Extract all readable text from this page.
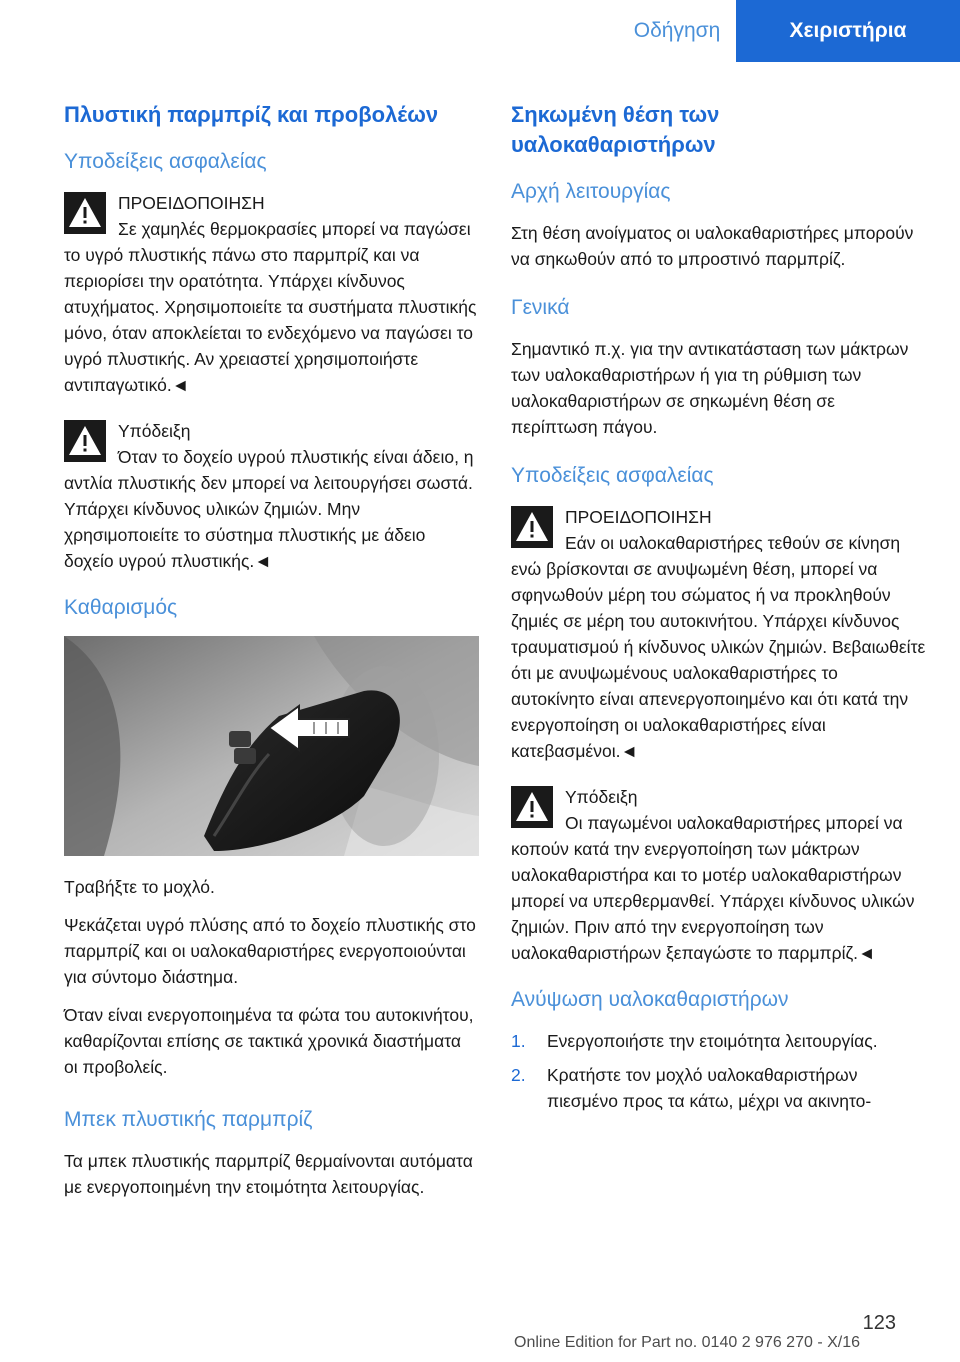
Οδήγηση	Χειριστήρια
Πλυστική παρμπρίζ και προβολέων
Υποδείξεις ασφαλείας

ΠΡΟΕΙΔΟΠΟΙΗΣΗ

Σε χαμηλές θερμοκρασίες μπορεί να παγώσει το υγρό πλυστικής πάνω στο παρμπρίζ και να περιορίσει την ορατότητα. Υπάρχει κίνδυνος ατυχήματος. Χρησιμοποιείτε τα συστήματα πλυστικής μόνο, όταν αποκλείεται το ενδεχόμενο να παγώσει το υγρό πλυστικής. Αν χρειαστεί χρησιμοποιήστε αντιπαγωτικό.◄

Υπόδειξη

Όταν το δοχείο υγρού πλυστικής είναι άδειο, η αντλία πλυστικής δεν μπορεί να λειτουργήσει σωστά. Υπάρχει κίνδυνος υλικών ζημιών. Μην χρησιμοποιείτε το σύστημα πλυστικής με άδειο δοχείο υγρού πλυστικής.◄

Καθαρισμός

Τραβήξτε το μοχλό.

Ψεκάζεται υγρό πλύσης από το δοχείο πλυστικής στο παρμπρίζ και οι υαλοκαθαριστήρες ενεργοποιούνται για σύντομο διάστημα.

Όταν είναι ενεργοποιημένα τα φώτα του αυτοκινήτου, καθαρίζονται επίσης σε τακτικά χρονικά διαστήματα οι προβολείς.

Μπεκ πλυστικής παρμπρίζ

Τα μπεκ πλυστικής παρμπρίζ θερμαίνονται αυτόματα με ενεργοποιημένη την ετοιμότητα λειτουργίας.

Σηκωμένη θέση των υαλοκαθαριστήρων
Αρχή λειτουργίας

Στη θέση ανοίγματος οι υαλοκαθαριστήρες μπορούν να σηκωθούν από το μπροστινό παρμπρίζ.

Γενικά

Σημαντικό π.χ. για την αντικατάσταση των μάκτρων των υαλοκαθαριστήρων ή για τη ρύθμιση των υαλοκαθαριστήρων σε σηκωμένη θέση σε περίπτωση πάγου.

Υποδείξεις ασφαλείας

ΠΡΟΕΙΔΟΠΟΙΗΣΗ

Εάν οι υαλοκαθαριστήρες τεθούν σε κίνηση ενώ βρίσκονται σε ανυψωμένη θέση, μπορεί να σφηνωθούν μέρη του σώματος ή να προκληθούν ζημιές σε μέρη του αυτοκινήτου. Υπάρχει κίνδυνος τραυματισμού ή κίνδυνος υλικών ζημιών. Βεβαιωθείτε ότι με ανυψωμένους υαλοκαθαριστήρες το αυτοκίνητο είναι απενεργοποιημένο και ότι κατά την ενεργοποίηση οι υαλοκαθαριστήρες είναι κατεβασμένοι.◄

Υπόδειξη

Οι παγωμένοι υαλοκαθαριστήρες μπορεί να κοπούν κατά την ενεργοποίηση των μάκτρων υαλοκαθαριστήρα και το μοτέρ υαλοκαθαριστήρων μπορεί να υπερθερμανθεί. Υπάρχει κίνδυνος υλικών ζημιών. Πριν από την ενεργοποίηση των υαλοκαθαριστήρων ξεπαγώστε το παρμπρίζ.◄

Ανύψωση υαλοκαθαριστήρων
1. Ενεργοποιήστε την ετοιμότητα λειτουργίας.
2. Κρατήστε τον μοχλό υαλοκαθαριστήρων πιεσμένο προς τα κάτω, μέχρι να ακινητο-
123
Online Edition for Part no. 0140 2 976 270 - X/16
